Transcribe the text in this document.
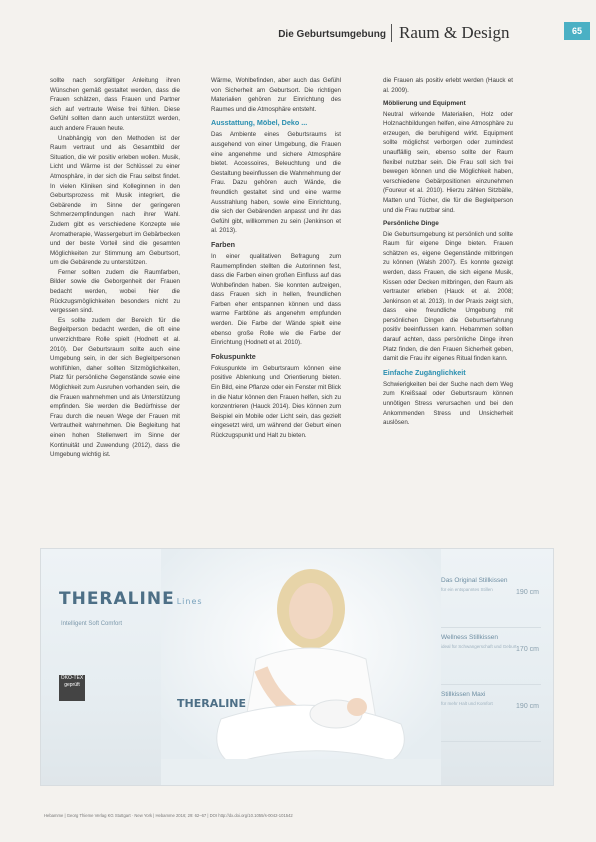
Die Geburtsumgebung Raum & Design	65

sollte nach sorgfältiger Anleitung ihren Wünschen gemäß gestaltet werden, dass die Frauen schätzen, dass Frauen und Partner sich auf vertraute Weise frei fühlen. Diese Gefühl sollten dann auch unterstützt werden, auch andere Frauen heute.

Unabhängig von den Methoden ist der Raum vertraut und als Gesamtbild der Situation, die wir positiv erleben wollen. Musik, Licht und Wärme ist der Schlüssel zu einer Atmosphäre, in der sich die Frau selbst findet. In vielen Kliniken sind Kolleginnen in den Geburtsprozess mit Musik integriert, die Gebärende im Sinne der geringeren Schmerzempfindungen nach ihrer Wahl. Zudem gibt es verschiedene Konzepte wie Aromatherapie, Wassergeburt im Gebärbecken und der beste Vorteil sind die gesamten Möglichkeiten zur Stimmung am Geburtsort, um die Gebärende zu unterstützen.

Ferner sollten zudem die Raumfarben, Bilder sowie die Geborgenheit der Frauen bedacht werden, wobei hier die Rückzugsmöglichkeiten besonders nicht zu vergessen sind.

Es sollte zudem der Bereich für die Begleitperson bedacht werden, die oft eine unverzichtbare Rolle spielt (Hodnett et al. 2010). Der Geburtsraum sollte auch eine Umgebung sein, in der sich Begleitpersonen wohlfühlen, daher sollten Sitzmöglichkeiten, Platz für persönliche Gegenstände sowie eine Möglichkeit zum Ausruhen vorhanden sein, die die Frauen wahrnehmen und als Unterstützung empfinden. Sie werden die Bedürfnisse der Frau durch die neuen Wege der Frauen mit Vertrautheit wahrnehmen. Die Begleitung hat einen hohen Stellenwert im Sinne der Kontinuität und Zuwendung (2012), dass die Umgebung wichtig ist.

Wärme, Wohlbefinden, aber auch das Gefühl von Sicherheit am Geburtsort. Die richtigen Materialien gehören zur Einrichtung des Raumes und die Atmosphäre entsteht.

Ausstattung, Möbel, Deko ...

Das Ambiente eines Geburtsraums ist ausgehend von einer Umgebung, die Frauen eine angenehme und sichere Atmosphäre bietet. Accessoires, Beleuchtung und die Gestaltung beeinflussen die Wahrnehmung der Frau. Dazu gehören auch Wände, die freundlich gestaltet sind und eine warme Ausstrahlung haben, sowie eine Einrichtung, die sich der Gebärenden anpasst und ihr das Gefühl gibt, willkommen zu sein (Jenkinson et al. 2013).

Farben

In einer qualitativen Befragung zum Raumempfinden stellten die Autorinnen fest, dass die Farben einen großen Einfluss auf das Wohlbefinden haben. Sie konnten aufzeigen, dass Frauen sich in hellen, freundlichen Farben eher entspannen können und dass warme Farbtöne als angenehm empfunden werden. Die Farbe der Wände spielt eine ebenso große Rolle wie die Farbe der Einrichtung (Hodnett et al. 2010).

Fokuspunkte

Fokuspunkte im Geburtsraum können eine positive Ablenkung und Orientierung bieten. Ein Bild, eine Pflanze oder ein Fenster mit Blick in die Natur können den Frauen helfen, sich zu konzentrieren (Hauck 2014). Dies können zum Beispiel ein Mobile oder Licht sein, das gezielt eingesetzt wird, um während der Geburt einen Rückzugspunkt und Halt zu bieten.

die Frauen als positiv erlebt werden (Hauck et al. 2009).

Möblierung und Equipment

Neutral wirkende Materialien, Holz oder Holznachbildungen helfen, eine Atmosphäre zu erzeugen, die beruhigend wirkt. Equipment sollte möglichst verborgen oder zumindest unauffällig sein, ebenso sollte der Raum flexibel nutzbar sein. Die Frau soll sich frei bewegen können und die Möglichkeit haben, verschiedene Gebärpositionen einzunehmen (Foureur et al. 2010). Hierzu zählen Sitzbälle, Matten und Tücher, die für die Begleitperson und die Frau nutzbar sind.

Persönliche Dinge

Die Geburtsumgebung ist persönlich und sollte Raum für eigene Dinge bieten. Frauen schätzen es, eigene Gegenstände mitbringen zu können (Walsh 2007). Es konnte gezeigt werden, dass Frauen, die sich eigene Musik, Kissen oder Decken mitbringen, den Raum als vertrauter erleben (Hauck et al. 2008; Jenkinson et al. 2013). In der Praxis zeigt sich, dass eine freundliche Umgebung mit persönlichen Dingen die Geburtserfahrung positiv beeinflussen kann. Hebammen sollten darauf achten, dass persönliche Dinge ihren Platz finden, die den Frauen Sicherheit geben, damit die Frau ihr eigenes Ritual finden kann.

Einfache Zugänglichkeit

Schwierigkeiten bei der Suche nach dem Weg zum Kreißsaal oder Geburtsraum können unnötigen Stress verursachen und bei den Ankommenden Stress und Unsicherheit auslösen.

THERALINE Lines
Intelligent Soft Comfort
ÖKO-TEX geprüft
THERALINE
Das Original Stillkissen
für ein entspanntes Stillen	190 cm
Wellness Stillkissen
ideal für Schwangerschaft und Geburt 170 cm
Stillkissen Maxi
für mehr Halt und Komfort	190 cm
Hebamme | Georg Thieme Verlag KG Stuttgart · New York | Hebamme 2016; 29: 62–67 | DOI http://dx.doi.org/10.1055/s-0042-101542
